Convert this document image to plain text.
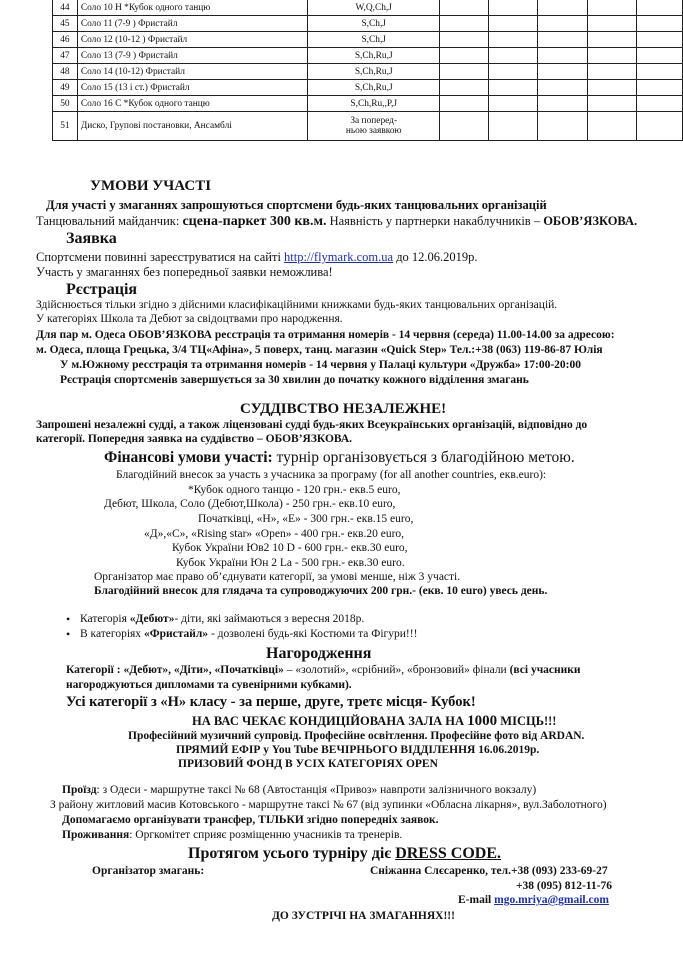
44	Соло 10 Н *Кубок одного танцю	W,Q,Ch,J					
45	Соло 11 (7-9 ) Фристайл	S,Ch,J					
46	Соло 12 (10-12 ) Фристайл	S,Ch,J					
47	Соло 13 (7-9 ) Фристайл	S,Ch,Ru,J					
48	Соло 14 (10-12) Фристайл	S,Ch,Ru,J					
49	Соло 15 (13 і ст.) Фристайл	S,Ch,Ru,J					
50	Соло 16 С *Кубок одного танцю	S,Ch,Ru,,P,J					
51	Диско, Групові постановки, Ансамблі	За поперед-
ньою заявкою					
УМОВИ УЧАСТІ
Для участі у змаганнях запрошуються спортсмени будь-яких танцювальних організацій
Танцювальний майданчик: сцена-паркет 300 кв.м. Наявність у партнерки накаблучників – ОБОВ’ЯЗКОВА.
Заявка
Спортсмени повинні зареєструватися на сайті http://flymark.com.ua до 12.06.2019р.
Участь у змаганнях без попередньої заявки неможлива!
Рєстрація
Здійснюється тільки згідно з дійсними класифікаційними книжками будь-яких танцювальних організацій.
У категоріях Школа та Дебют за свідоцтвами про народження.
Для пар м. Одеса ОБОВ’ЯЗКОВА ресстрація та отримання номерів - 14 червня (середа) 11.00-14.00 за адресою:
м. Одеса, площа Грецька, 3/4 ТЦ«Афіна», 5 поверх, танц. магазин «Quick Step» Тел.:+38 (063) 119-86-87 Юлія
У м.Южному ресстрація та отримання номерів - 14 червня у Палаці культури «Дружба» 17:00-20:00
Рєстрація спортсменів завершується за 30 хвилин до початку кожного відділення змагань
СУДДІВСТВО НЕЗАЛЕЖНЕ!
Запрошені незалежні судді, а також ліцензовані судді будь-яких Всеукраїнських організацій, відповідно до
категорії. Попередня заявка на суддівство – ОБОВ’ЯЗКОВА.
Фінансові умови участі: турнір організовується з благодійною метою.
Благодійний внесок за участь з учасника за програму (for all another countries, екв.euro):
*Кубок одного танцю - 120 грн.- екв.5 euro,
Дебют, Школа, Соло (Дебют,Школа) - 250 грн.- екв.10 euro,
Початківці, «Н», «Е» - 300 грн.- екв.15 euro,
«Д»,«С», «Rising star» «Open» - 400 грн.- екв.20 euro,
Кубок України Юв2 10 D - 600 грн.- екв.30 euro,
Кубок України Юн 2 La - 500 грн.- екв.30 euro.
Організатор має право об’єднувати категорії, за умові менше, ніж 3 участі.
Благодійний внесок для глядача та супроводжуючих 200 грн.- (екв. 10 euro) увесь день.
• Категорія «Дебют»- діти, які займаються з вересня 2018р.
• В категоріях «Фристайл» - дозволені будь-які Костюми та Фігури!!!
Нагородження
Категорії : «Дебют», «Діти», «Початківці» – «золотий», «срібний», «бронзовий» фінали (всі учасники
нагороджуються дипломами та сувенірними кубками).
Усі категорії з «Н» класу - за перше, друге, третє місця- Кубок!
НА ВАС ЧЕКАЄ КОНДИЦІЙОВАНА ЗАЛА НА 1000 МІСЦЬ!!!
Професійний музичний супровід. Професійне освітлення. Професійне фото від ARDAN.
ПРЯМИЙ ЕФІР у You Tube ВЕЧІРНЬОГО ВІДДІЛЕННЯ 16.06.2019р.
ПРИЗОВИЙ ФОНД В УСІХ КАТЕГОРІЯХ OPEN
Проїзд: з Одеси - маршрутне таксі № 68 (Автостанція «Привоз» навпроти залізничного вокзалу)
З району житловий масив Котовського - маршрутне таксі № 67 (від зупинки «Обласна лікарня», вул.Заболотного)
Допомагаємо організувати трансфер, ТІЛЬКИ згідно попередніх заявок.
Проживання: Оргкомітет сприяє розміщенню учасників та тренерів.
Протягом усього турніру діє DRESS CODE.
Організатор змагань:	Сніжанна Слєсаренко, тел.+38 (093) 233-69-27
+38 (095) 812-11-76
E-mail mgo.mriya@gmail.com
ДО ЗУСТРІЧІ НА ЗМАГАННЯХ!!!
